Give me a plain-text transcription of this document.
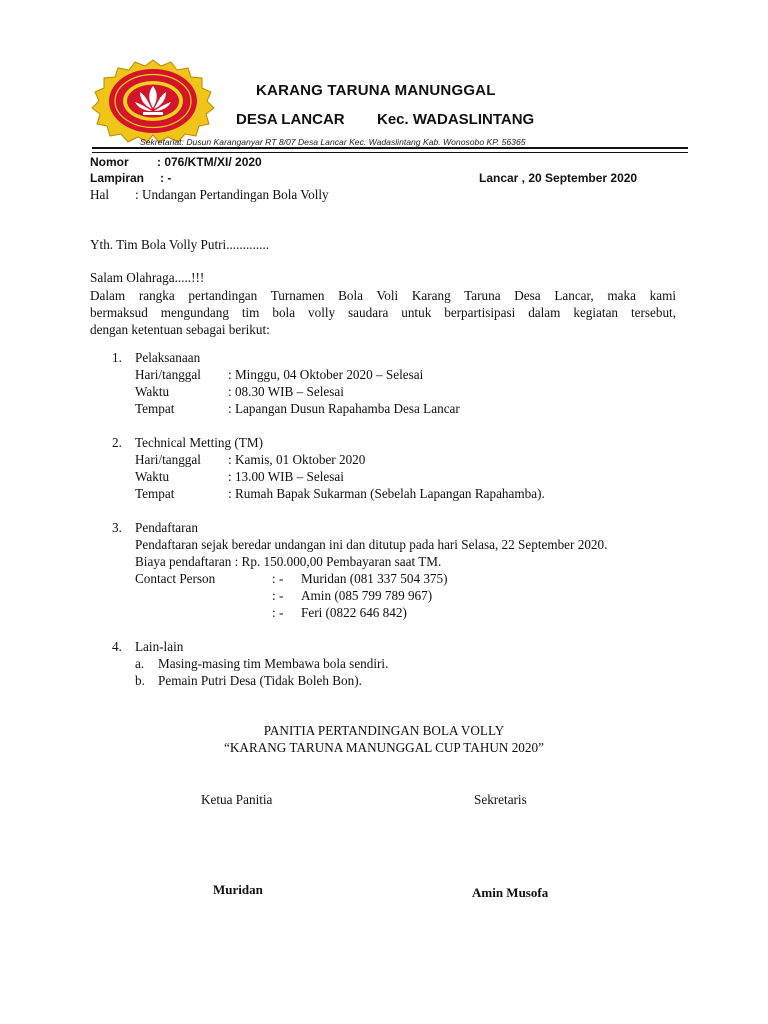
KARANG TARUNA MANUNGGAL
DESA LANCAR Kec. WADASLINTANG
Sekretariat: Dusun Karanganyar RT 8/07 Desa Lancar Kec. Wadaslintang Kab. Wonosobo KP. 56365
Nomor : 076/KTM/XI/ 2020
Lampiran : -	Lancar , 20 September 2020
Hal : Undangan Pertandingan Bola Volly
Yth. Tim Bola Volly Putri.............
Salam Olahraga.....!!!
Dalam rangka pertandingan Turnamen Bola Voli Karang Taruna Desa Lancar, maka kami
bermaksud mengundang tim bola volly saudara untuk berpartisipasi dalam kegiatan tersebut,
dengan ketentuan sebagai berikut:
1. Pelaksanaan
Hari/tanggal : Minggu, 04 Oktober 2020 – Selesai
Waktu	: 08.30 WIB – Selesai
Tempat	: Lapangan Dusun Rapahamba Desa Lancar
2. Technical Metting (TM)
Hari/tanggal : Kamis, 01 Oktober 2020
Waktu	: 13.00 WIB – Selesai
Tempat	: Rumah Bapak Sukarman (Sebelah Lapangan Rapahamba).
3. Pendaftaran
Pendaftaran sejak beredar undangan ini dan ditutup pada hari Selasa, 22 September 2020.
Biaya pendaftaran : Rp. 150.000,00 Pembayaran saat TM.
Contact Person	: - Muridan (081 337 504 375)
: - Amin (085 799 789 967)
: - Feri (0822 646 842)
4. Lain-lain
a. Masing-masing tim Membawa bola sendiri.
b. Pemain Putri Desa (Tidak Boleh Bon).
PANITIA PERTANDINGAN BOLA VOLLY
“KARANG TARUNA MANUNGGAL CUP TAHUN 2020”
Ketua Panitia	Sekretaris
Muridan	Amin Musofa
